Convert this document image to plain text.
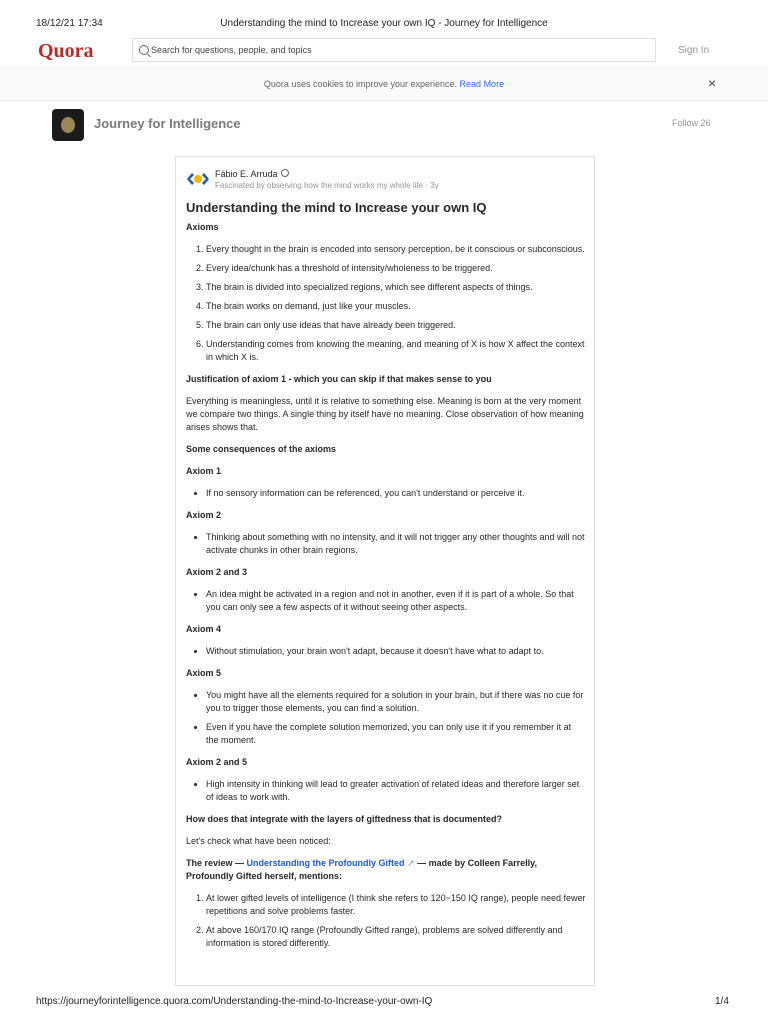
18/12/21 17:34	Understanding the mind to Increase your own IQ - Journey for Intelligence
Quora
Search for questions, people, and topics	Sign In
Quora uses cookies to improve your experience. Read More	×
Journey for Intelligence	Follow 26
Fábio E. Arruda
Fascinated by observing how the mind works my whole life · 3y
Understanding the mind to Increase your own IQ
Axioms
1. Every thought in the brain is encoded into sensory perception, be it conscious or subconscious.
2. Every idea/chunk has a threshold of intensity/wholeness to be triggered.
3. The brain is divided into specialized regions, which see different aspects of things.
4. The brain works on demand, just like your muscles.
5. The brain can only use ideas that have already been triggered.
6. Understanding comes from knowing the meaning, and meaning of X is how X affect the context in which X is.
Justification of axiom 1 - which you can skip if that makes sense to you

Everything is meaningless, until it is relative to something else. Meaning is born at the very moment we compare two things. A single thing by itself have no meaning. Close observation of how meaning arises shows that.

Some consequences of the axioms
Axiom 1
• If no sensory information can be referenced, you can't understand or perceive it.
Axiom 2
• Thinking about something with no intensity, and it will not trigger any other thoughts and will not activate chunks in other brain regions.
Axiom 2 and 3
• An idea might be activated in a region and not in another, even if it is part of a whole. So that you can only see a few aspects of it without seeing other aspects.
Axiom 4
• Without stimulation, your brain won't adapt, because it doesn't have what to adapt to.
Axiom 5
• You might have all the elements required for a solution in your brain, but if there was no cue for you to trigger those elements, you can find a solution.
• Even if you have the complete solution memorized, you can only use it if you remember it at the moment.
Axiom 2 and 5
• High intensity in thinking will lead to greater activation of related ideas and therefore larger set of ideas to work with.
How does that integrate with the layers of giftedness that is documented?

Let's check what have been noticed:

The review — Understanding the Profoundly Gifted ↗ — made by Colleen Farrelly, Profoundly Gifted herself, mentions:

1. At lower gifted levels of intelligence (I think she refers to 120~150 IQ range), people need fewer repetitions and solve problems faster.
2. At above 160/170 IQ range (Profoundly Gifted range), problems are solved differently and information is stored differently.
https://journeyforintelligence.quora.com/Understanding-the-mind-to-Increase-your-own-IQ	1/4
